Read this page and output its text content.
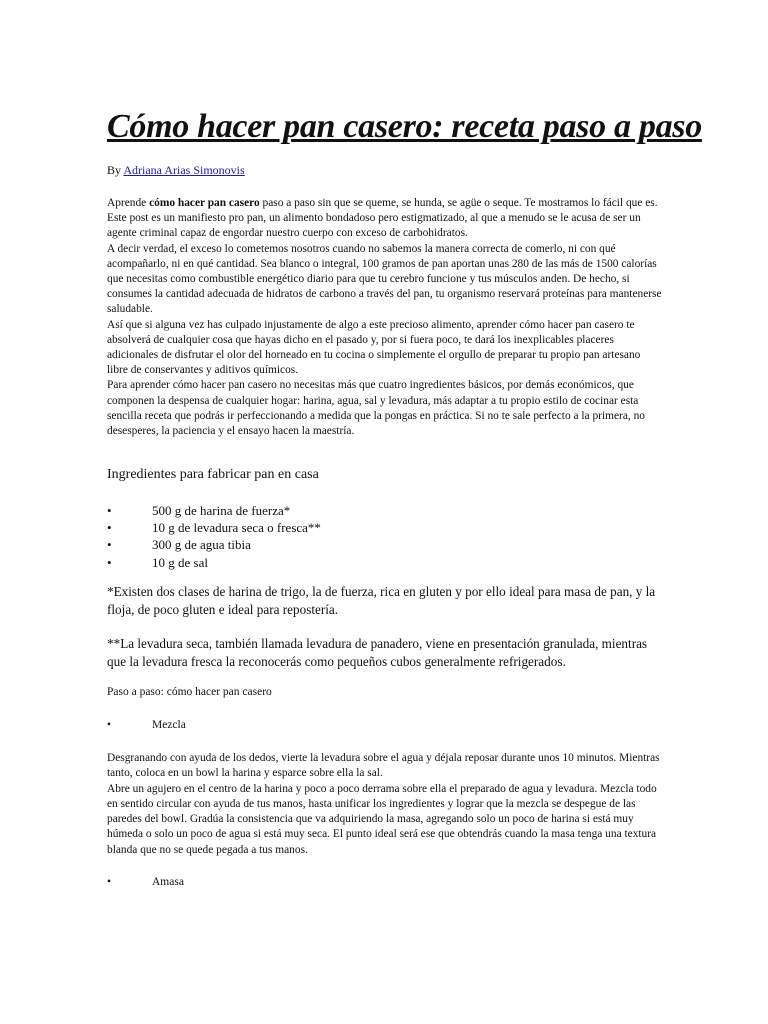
Cómo hacer pan casero: receta paso a paso
By Adriana Arias Simonovis

Aprende cómo hacer pan casero paso a paso sin que se queme, se hunda, se agüe o seque. Te mostramos lo fácil que es.

Este post es un manifiesto pro pan, un alimento bondadoso pero estigmatizado, al que a menudo se le acusa de ser un agente criminal capaz de engordar nuestro cuerpo con exceso de carbohidratos.

A decir verdad, el exceso lo cometemos nosotros cuando no sabemos la manera correcta de comerlo, ni con qué acompañarlo, ni en qué cantidad. Sea blanco o integral, 100 gramos de pan aportan unas 280 de las más de 1500 calorías que necesitas como combustible energético diario para que tu cerebro funcione y tus músculos anden. De hecho, si consumes la cantidad adecuada de hidratos de carbono a través del pan, tu organismo reservará proteínas para mantenerse saludable.

Así que si alguna vez has culpado injustamente de algo a este precioso alimento, aprender cómo hacer pan casero te absolverá de cualquier cosa que hayas dicho en el pasado y, por si fuera poco, te dará los inexplicables placeres adicionales de disfrutar el olor del horneado en tu cocina o simplemente el orgullo de preparar tu propio pan artesano libre de conservantes y aditivos químicos.

Para aprender cómo hacer pan casero no necesitas más que cuatro ingredientes básicos, por demás económicos, que componen la despensa de cualquier hogar: harina, agua, sal y levadura, más adaptar a tu propio estilo de cocinar esta sencilla receta que podrás ir perfeccionando a medida que la pongas en práctica. Si no te sale perfecto a la primera, no desesperes, la paciencia y el ensayo hacen la maestría.

Ingredientes para fabricar pan en casa
•	500 g de harina de fuerza*
•	10 g de levadura seca o fresca**
•	300 g de agua tibia
•	10 g de sal

*Existen dos clases de harina de trigo, la de fuerza, rica en gluten y por ello ideal para masa de pan, y la floja, de poco gluten e ideal para repostería.

**La levadura seca, también llamada levadura de panadero, viene en presentación granulada, mientras que la levadura fresca la reconocerás como pequeños cubos generalmente refrigerados.

Paso a paso: cómo hacer pan casero
•	Mezcla

Desgranando con ayuda de los dedos, vierte la levadura sobre el agua y déjala reposar durante unos 10 minutos. Mientras tanto, coloca en un bowl la harina y esparce sobre ella la sal.

Abre un agujero en el centro de la harina y poco a poco derrama sobre ella el preparado de agua y levadura. Mezcla todo en sentido circular con ayuda de tus manos, hasta unificar los ingredientes y lograr que la mezcla se despegue de las paredes del bowl. Gradúa la consistencia que va adquiriendo la masa, agregando solo un poco de harina si está muy húmeda o solo un poco de agua si está muy seca. El punto ideal será ese que obtendrás cuando la masa tenga una textura blanda que no se quede pegada a tus manos.

•	Amasa
